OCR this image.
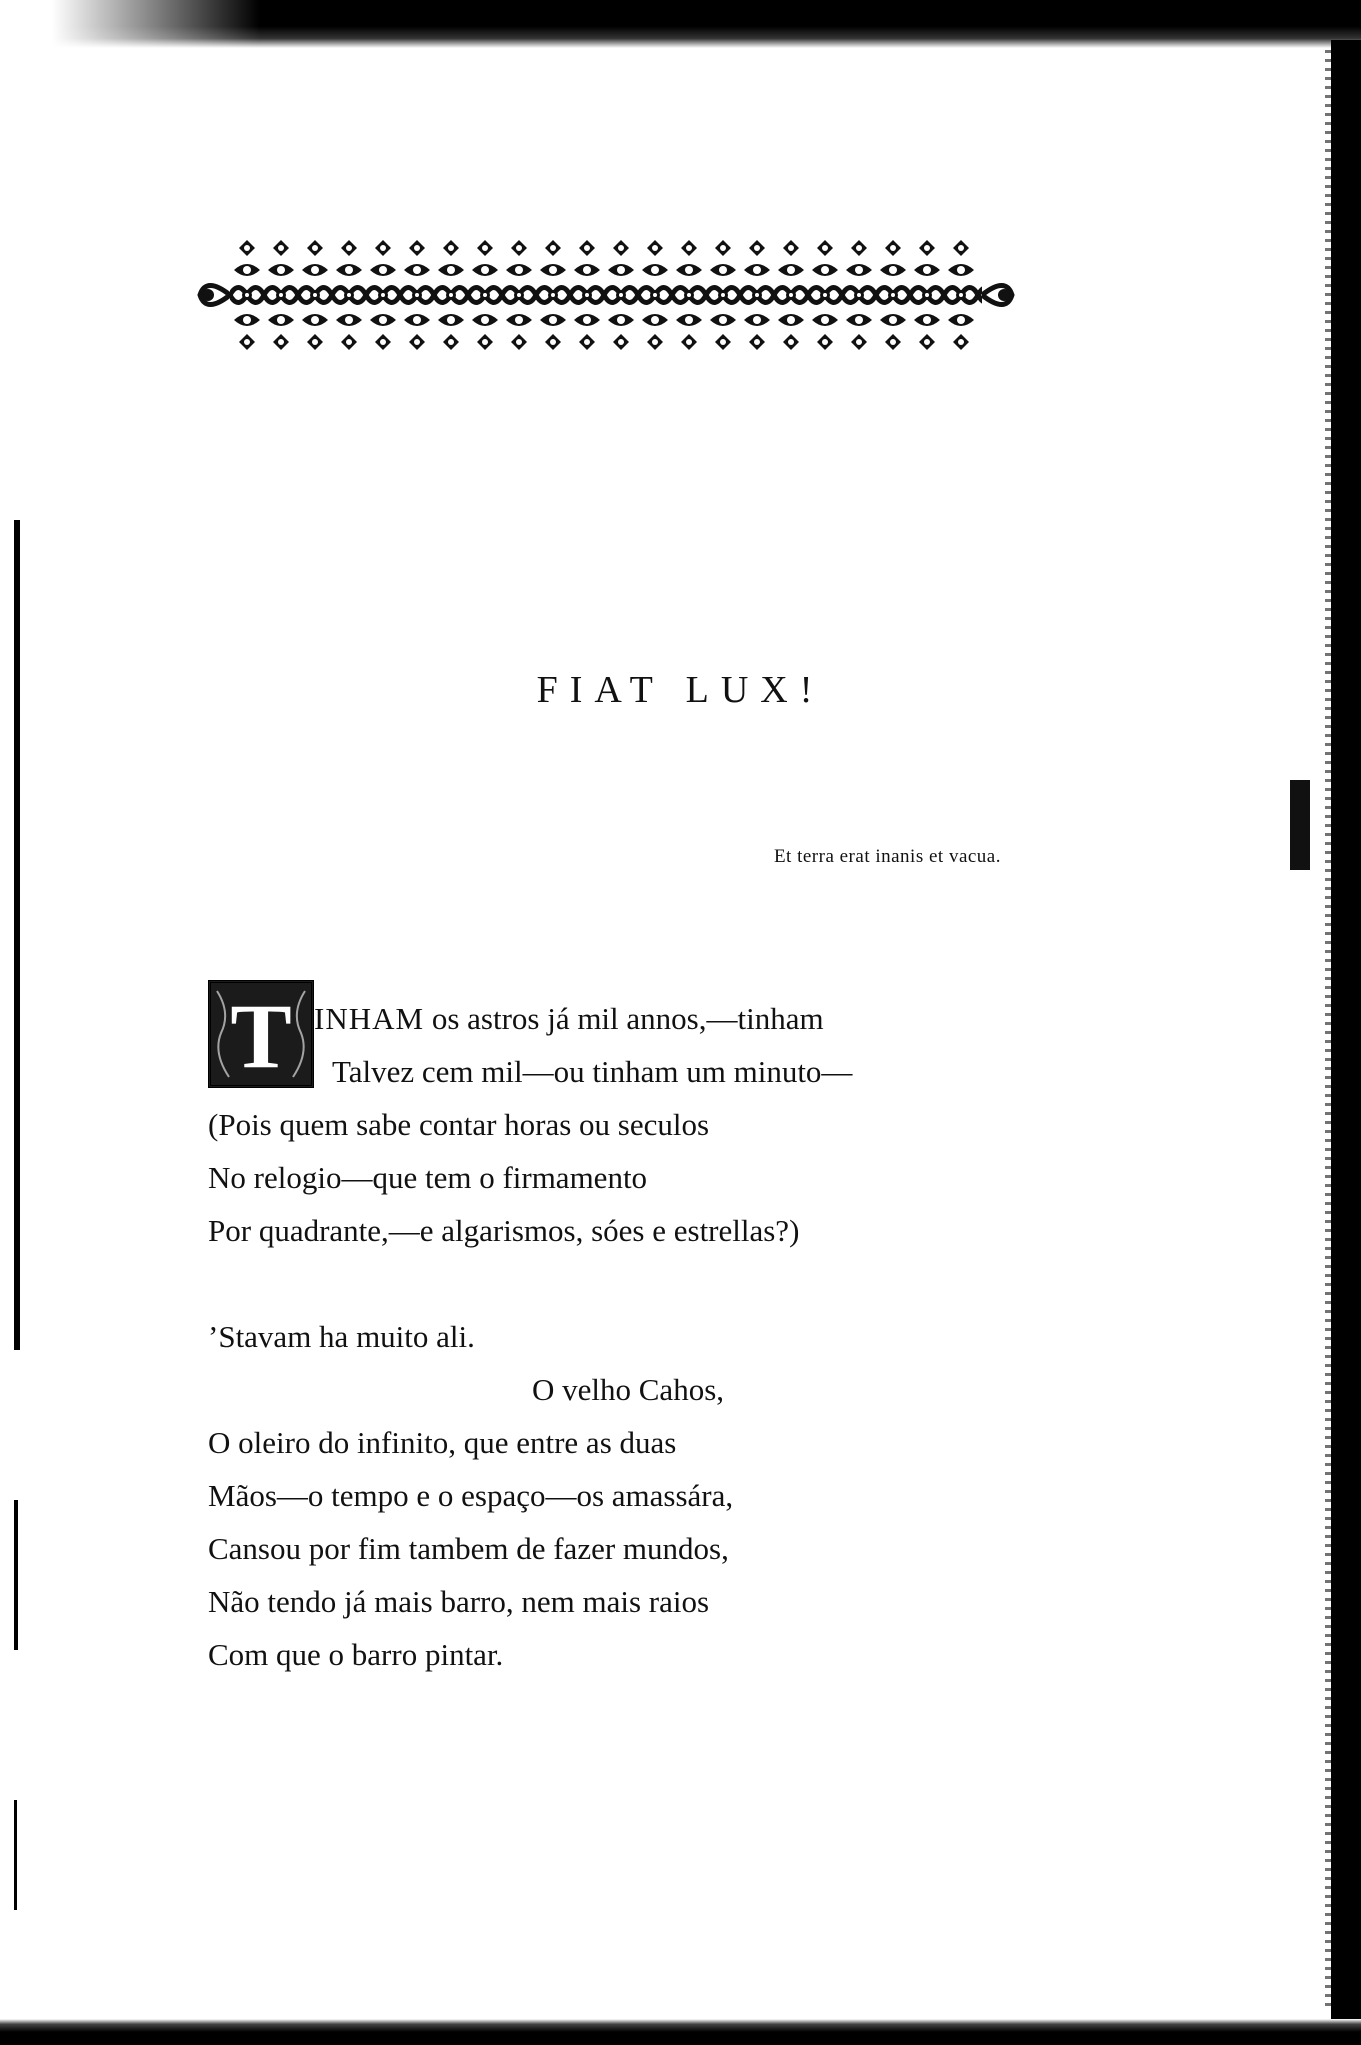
FIAT LUX!
Et terra erat inanis et vacua.
T INHAM os astros já mil annos,—tinham
Talvez cem mil—ou tinham um minuto—
(Pois quem sabe contar horas ou seculos
No relogio—que tem o firmamento
Por quadrante,—e algarismos, sóes e estrellas?)
’Stavam ha muito ali.
O velho Cahos,
O oleiro do infinito, que entre as duas
Mãos—o tempo e o espaço—os amassára,
Cansou por fim tambem de fazer mundos,
Não tendo já mais barro, nem mais raios
Com que o barro pintar.
